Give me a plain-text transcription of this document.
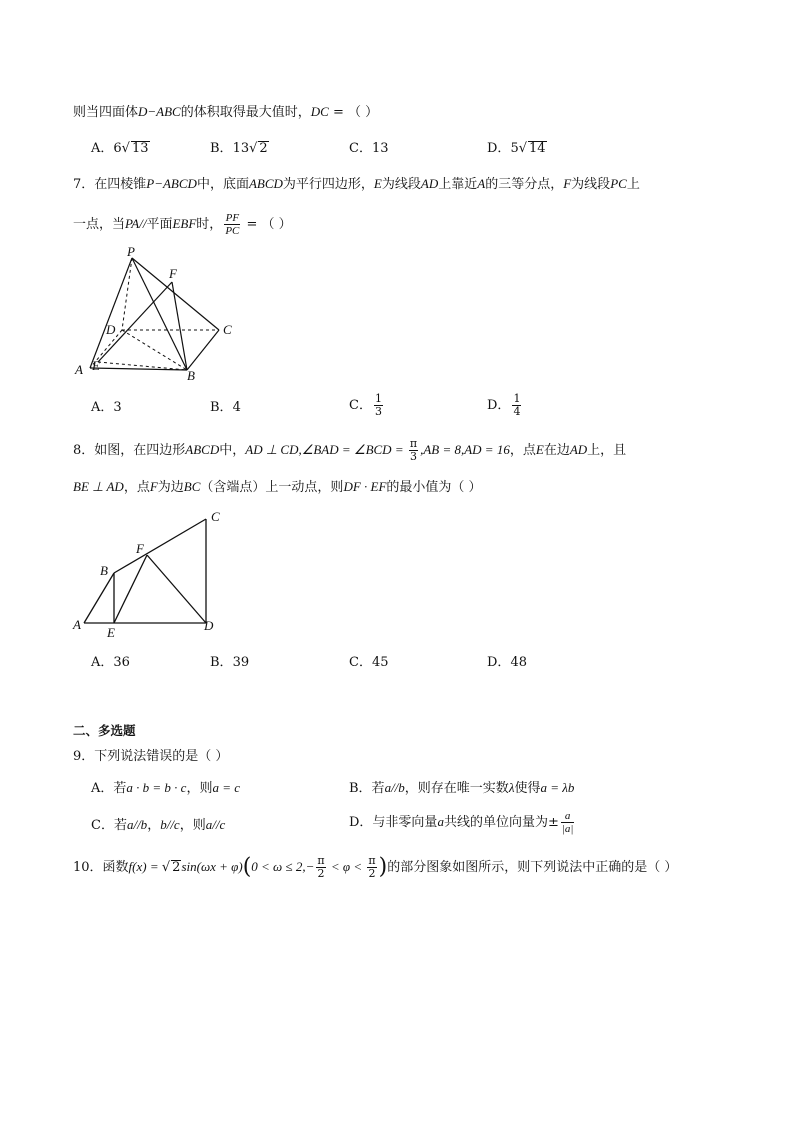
则当四面体D−ABC的体积取得最大值时，DC = （ ）
A．6√ 13	B．13√ 2	C．13	D．5√ 14
7．在四棱锥P−ABCD中，底面ABCD为平行四边形，E为线段AD上靠近A的三等分点，F为线段PC上
一点，当PA//平面EBF时， $\frac{PF}{PC}$ = （ ）
P
F
D	C
A E
B
A．3	B．4	C． $\frac{1}{3}$	D． $\frac{1}{4}$
8．如图，在四边形ABCD中，AD ⊥ CD,∠BAD = ∠BCD = $\frac{\pi}{3} ,AB = 8,AD = 16$，点E在边AD上，且
BE ⊥ AD，点F为边BC（含端点）上一动点，则DF · EF的最小值为（ ）
C
F
B
A
E	D
A．36	B．39	C．45	D．48
二、多选题
9．下列说法错误的是（ ）
A．若a · b = b · c，则a = c	B．若a//b，则存在唯一实数λ使得a = λb
C．若a//b，b//c，则a//c	D．与非零向量a共线的单位向量为± $\frac{a}{|a|}$
10．函数f(x) = √ $2\sin(\omega x + \varphi)(0 < \omega \le 2,- \frac{\pi}{2} < \varphi < \frac{\pi}{2}$ )的部分图象如图所示，则下列说法中正确的是（ ）
